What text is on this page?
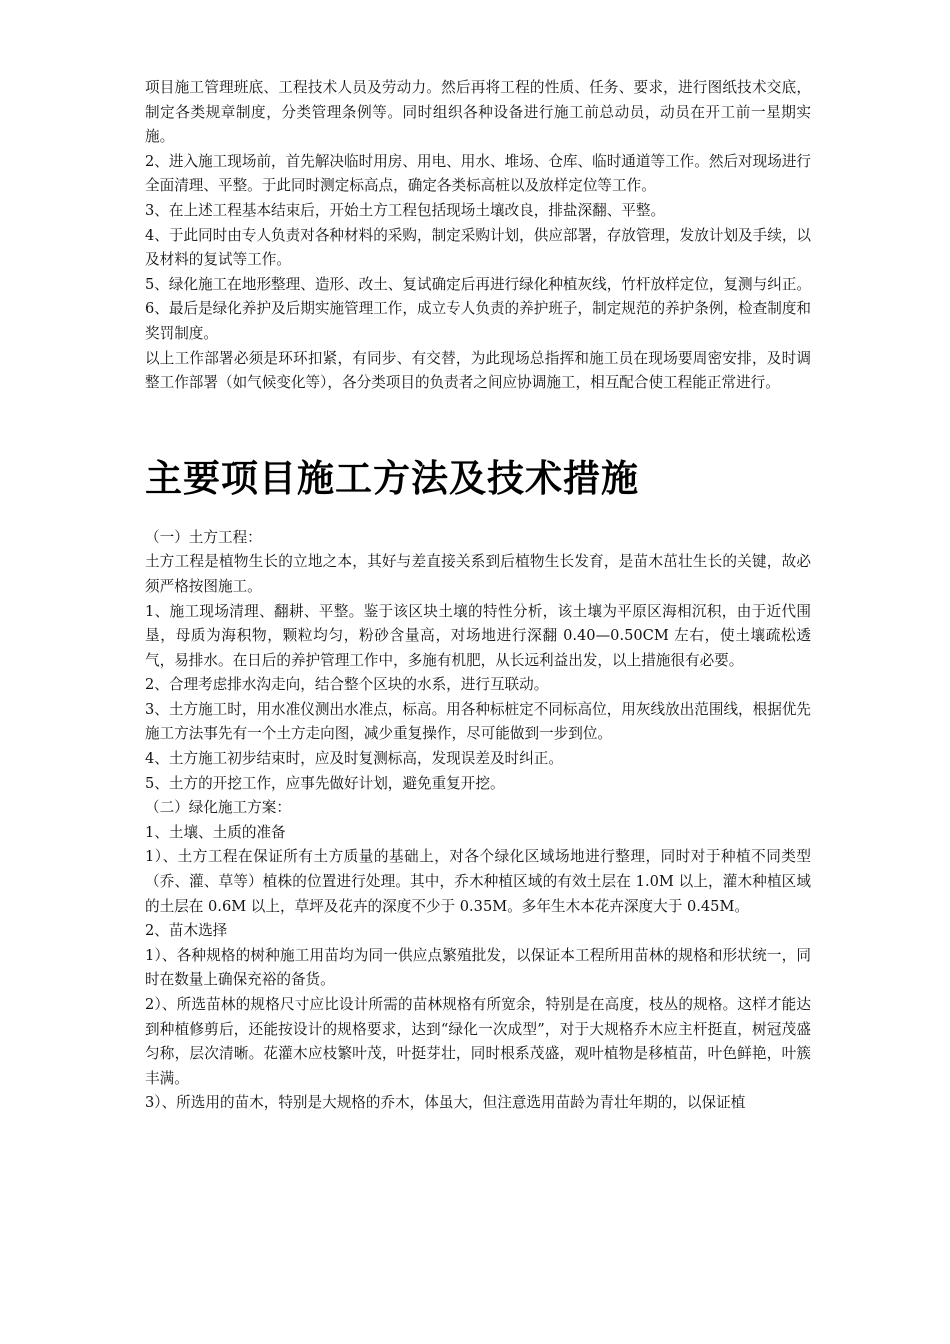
项目施工管理班底、工程技术人员及劳动力。然后再将工程的性质、任务、要求，进行图纸技术交底，制定各类规章制度，分类管理条例等。同时组织各种设备进行施工前总动员，动员在开工前一星期实施。

2、进入施工现场前，首先解决临时用房、用电、用水、堆场、仓库、临时通道等工作。然后对现场进行全面清理、平整。于此同时测定标高点，确定各类标高桩以及放样定位等工作。

3、在上述工程基本结束后，开始土方工程包括现场土壤改良，排盐深翻、平整。

4、于此同时由专人负责对各种材料的采购，制定采购计划，供应部署，存放管理，发放计划及手续，以及材料的复试等工作。

5、绿化施工在地形整理、造形、改土、复试确定后再进行绿化种植灰线，竹杆放样定位，复测与纠正。

6、最后是绿化养护及后期实施管理工作，成立专人负责的养护班子，制定规范的养护条例，检查制度和奖罚制度。

以上工作部署必须是环环扣紧，有同步、有交替，为此现场总指挥和施工员在现场要周密安排，及时调整工作部署（如气候变化等），各分类项目的负责者之间应协调施工，相互配合使工程能正常进行。

主要项目施工方法及技术措施

（一）土方工程：

土方工程是植物生长的立地之本，其好与差直接关系到后植物生长发育，是苗木茁壮生长的关键，故必须严格按图施工。

1、施工现场清理、翻耕、平整。鉴于该区块土壤的特性分析，该土壤为平原区海相沉积，由于近代围垦，母质为海积物，颗粒均匀，粉砂含量高，对场地进行深翻 0.40—0.50CM 左右，使土壤疏松透气，易排水。在日后的养护管理工作中，多施有机肥，从长远利益出发，以上措施很有必要。

2、合理考虑排水沟走向，结合整个区块的水系，进行互联动。

3、土方施工时，用水准仪测出水准点，标高。用各种标桩定不同标高位，用灰线放出范围线，根据优先施工方法事先有一个土方走向图，减少重复操作，尽可能做到一步到位。

4、土方施工初步结束时，应及时复测标高，发现误差及时纠正。

5、土方的开挖工作，应事先做好计划，避免重复开挖。

（二）绿化施工方案：

1、土壤、土质的准备

1）、土方工程在保证所有土方质量的基础上，对各个绿化区域场地进行整理，同时对于种植不同类型（乔、灌、草等）植株的位置进行处理。其中，乔木种植区域的有效土层在 1.0M 以上，灌木种植区域的土层在 0.6M 以上，草坪及花卉的深度不少于 0.35M。多年生木本花卉深度大于 0.45M。

2、苗木选择

1）、各种规格的树种施工用苗均为同一供应点繁殖批发，以保证本工程所用苗林的规格和形状统一，同时在数量上确保充裕的备货。

2）、所选苗林的规格尺寸应比设计所需的苗林规格有所宽余，特别是在高度，枝丛的规格。这样才能达到种植修剪后，还能按设计的规格要求，达到“绿化一次成型”，对于大规格乔木应主杆挺直，树冠茂盛匀称，层次清晰。花灌木应枝繁叶茂，叶挺芽壮，同时根系茂盛，观叶植物是移植苗，叶色鲜艳，叶簇丰满。

3）、所选用的苗木，特别是大规格的乔木，体虽大，但注意选用苗龄为青壮年期的，以保证植
